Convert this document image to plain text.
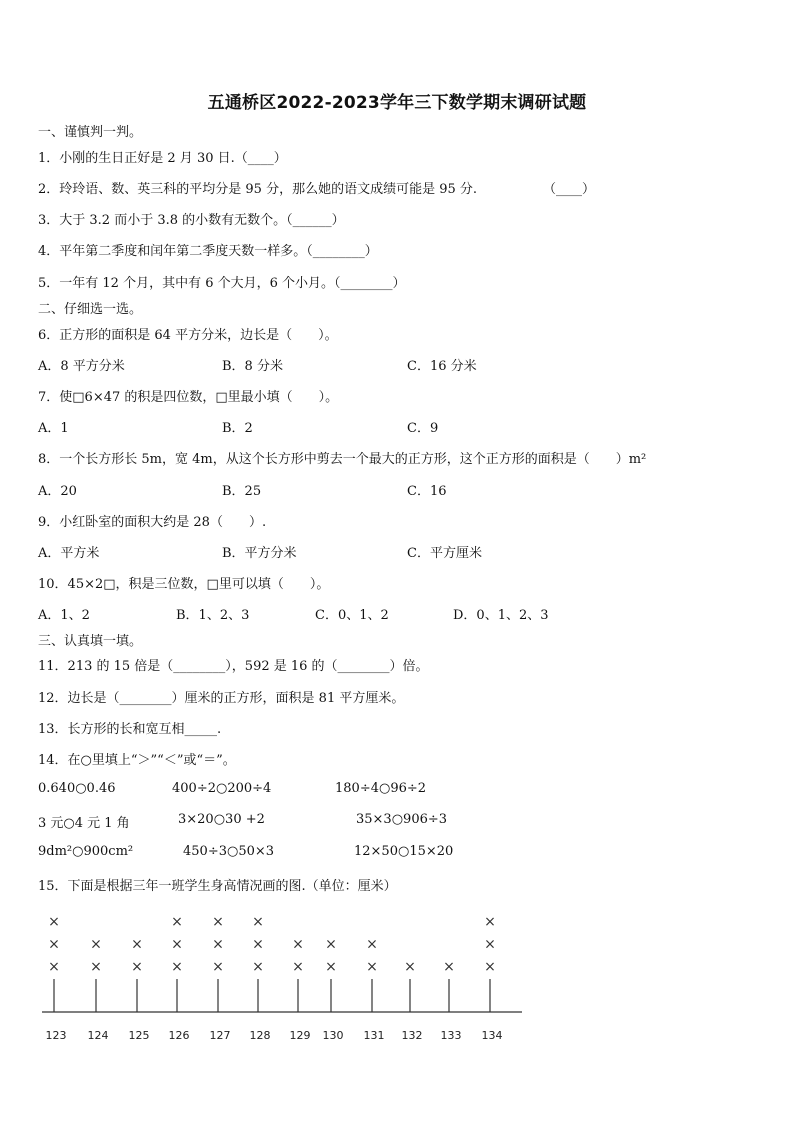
五通桥区2022-2023学年三下数学期末调研试题
一、谨慎判一判。
1．小刚的生日正好是 2 月 30 日.（____）
2．玲玲语、数、英三科的平均分是 95 分，那么她的语文成绩可能是 95 分.	（____）
3．大于 3.2 而小于 3.8 的小数有无数个。（______）
4．平年第二季度和闰年第二季度天数一样多。（________）
5．一年有 12 个月，其中有 6 个大月，6 个小月。（________）
二、仔细选一选。
6．正方形的面积是 64 平方分米，边长是（　　）。
A．8 平方分米	B．8 分米	C．16 分米
7．使□6×47 的积是四位数，□里最小填（　　）。
A．1	B．2	C．9
8．一个长方形长 5m，宽 4m，从这个长方形中剪去一个最大的正方形，这个正方形的面积是（　　）m²
A．20	B．25	C．16
9．小红卧室的面积大约是 28（　　）.
A．平方米	B．平方分米	C．平方厘米
10．45×2□，积是三位数，□里可以填（　　）。
A．1、2	B．1、2、3	C．0、1、2	D．0、1、2、3
三、认真填一填。
11．213 的 15 倍是（________），592 是 16 的（________）倍。
12．边长是（________）厘米的正方形，面积是 81 平方厘米。
13．长方形的长和宽互相_____.
14．在○里填上“＞”“＜”或“＝”。
0.640○0.46	400÷2○200÷4	180÷4○96÷2
3 元○4 元 1 角	3×20○30 +2	35×3○906÷3
9dm²○900cm²	450÷3○50×3	12×50○15×20
15．下面是根据三年一班学生身高情况画的图.（单位：厘米）
123
×
×
×
124
×
×
125
×
×
126
×
×
×
127
×
×
×
128
×
×
×
129
×
×
130
×
×
131
×
×
132
×
133
×
134
×
×
×
